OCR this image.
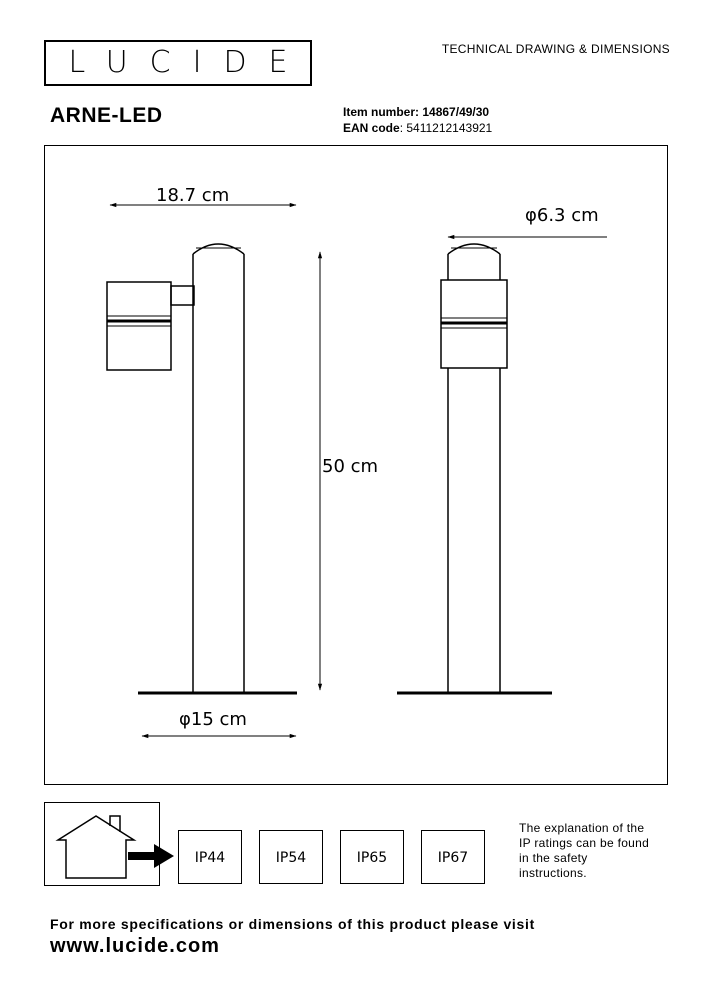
LUCIDE	TECHNICAL DRAWING & DIMENSIONS
ARNE-LED	Item number: 14867/49/30
EAN code: 5411212143921
18.7 cm
φ6.3 cm
50 cm
φ15 cm
IP44	IP54	IP65	IP67
The explanation of the
IP ratings can be found
in the safety
instructions.
For more specifications or dimensions of this product please visit
www.lucide.com
